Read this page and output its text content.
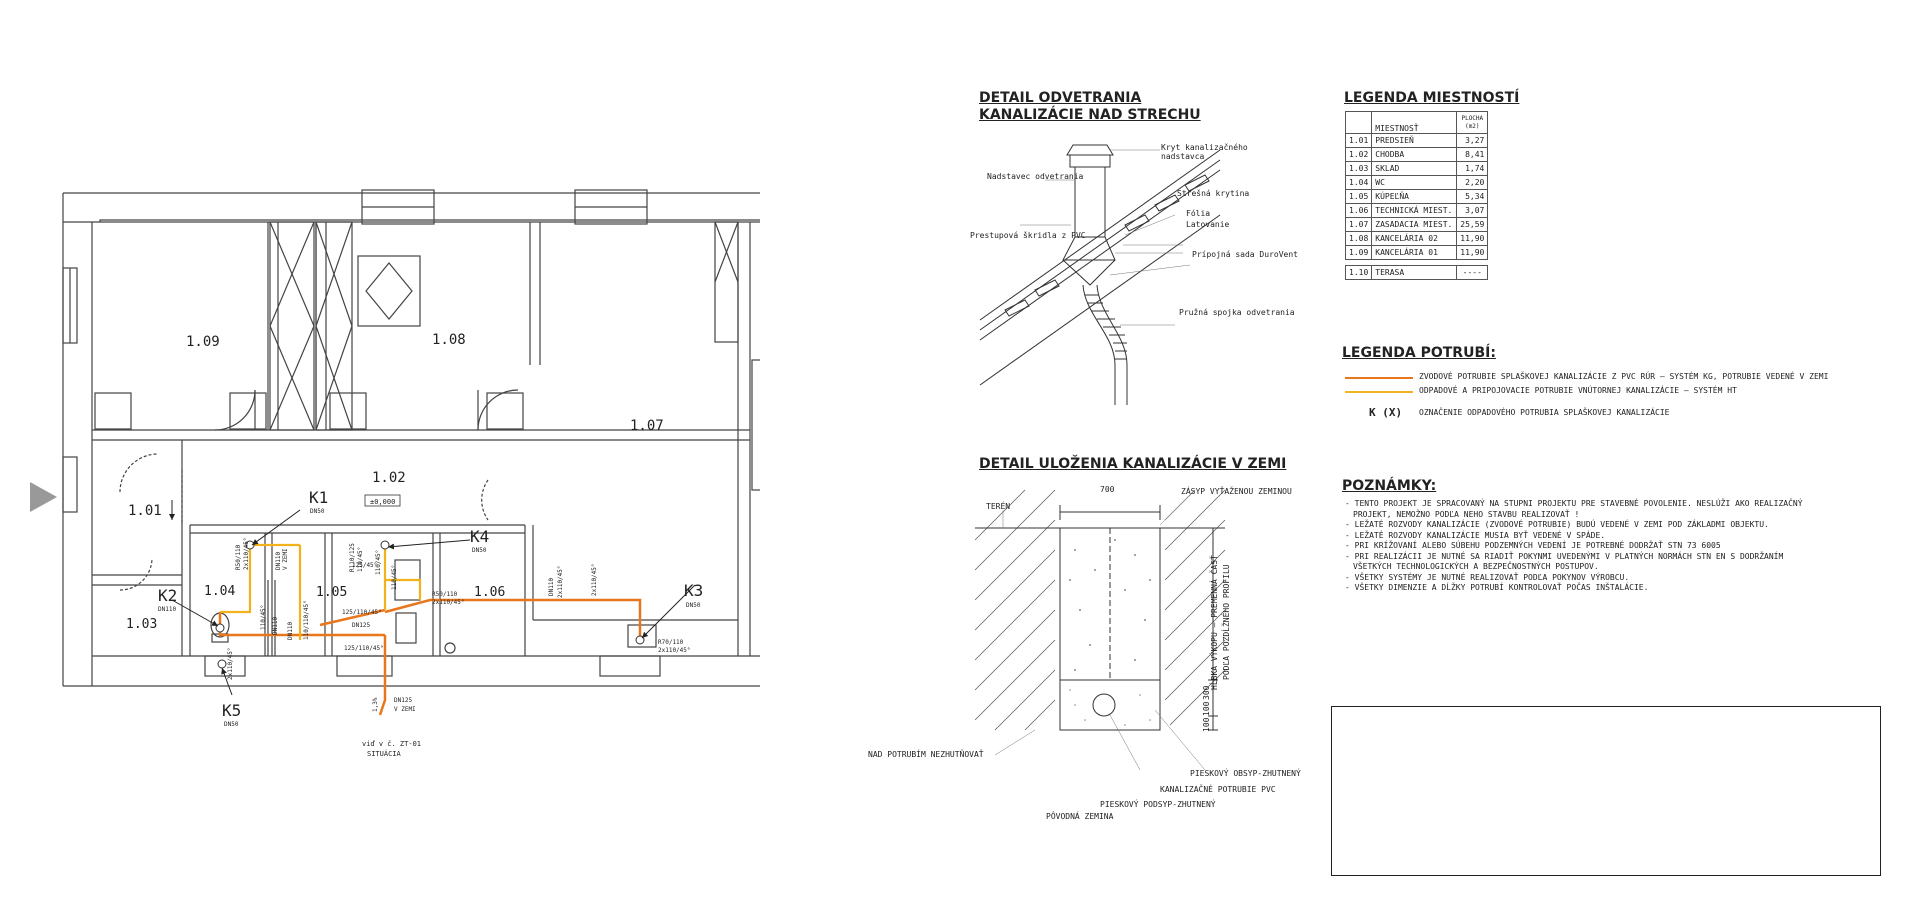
1.09	1.08
1.07
1.02
1.01
1.04	1.05	1.06
1.03
±0,000
K1
DN50
K2
DN110
K3
DN50
K4
DN50
K5
DN50
R50/110 2x110/45°	DN110 V ZEMI	R110/125 110/45°
125/45°
110/45°
R50/110
2x110/45°
125/110/45°
DN125
125/110/45°
DN110
110/45°
DN110 110/110/45°
2x110/45°
110/45°	2x110/45°
DN110
R70/110
2x110/45°
2x110/45°
1,3%	DN125
V ZEMI
viď v č. ZT-01
SITUÁCIA
DETAIL ODVETRANIA
KANALIZÁCIE NAD STRECHU
Kryt kanalizačného
nadstavca
Nadstavec odvetrania
Strešná krytina
Fólia
Latovanie
Prestupová škridla z PVC
Prípojná sada DuroVent
Pružná spojka odvetrania
DETAIL ULOŽENIA KANALIZÁCIE V ZEMI
TERÉN
700	ZÁSYP VYŤAŽENOU ZEMINOU
HĹBKA VÝKOPU – PREMENNÁ ČASŤ PODĽA POZDĹŽNÉHO PROFILU
300
100
100
NAD POTRUBÍM NEZHUTŇOVAŤ
PIESKOVÝ OBSYP-ZHUTNENÝ
KANALIZAČNÉ POTRUBIE PVC
PIESKOVÝ PODSYP-ZHUTNENÝ
PÔVODNÁ ZEMINA
LEGENDA MIESTNOSTÍ
	MIESTNOSŤ	PLOCHA
(m2)

1.01	PREDSIEŇ	3,27
1.02	CHODBA	8,41
1.03	SKLAD	1,74
1.04	WC	2,20
1.05	KÚPEĽŇA	5,34
1.06	TECHNICKÁ MIEST.	3,07
1.07	ZASADACIA MIEST.	25,59
1.08	KANCELÁRIA 02	11,90
1.09	KANCELÁRIA 01	11,90

1.10	TERASA	----
LEGENDA POTRUBÍ:
ZVODOVÉ POTRUBIE SPLAŠKOVEJ KANALIZÁCIE Z PVC RÚR – SYSTÉM KG, POTRUBIE VEDENÉ V ZEMI
ODPADOVÉ A PRIPOJOVACIE POTRUBIE VNÚTORNEJ KANALIZÁCIE – SYSTÉM HT
K (X) OZNAČENIE ODPADOVÉHO POTRUBIA SPLAŠKOVEJ KANALIZÁCIE
POZNÁMKY:
- TENTO PROJEKT JE SPRACOVANÝ NA STUPNI PROJEKTU PRE STAVEBNÉ POVOLENIE. NESLÚŽI AKO REALIZAČNÝ PROJEKT, NEMOŽNO PODĽA NEHO STAVBU REALIZOVAŤ !
- LEŽATÉ ROZVODY KANALIZÁCIE (ZVODOVÉ POTRUBIE) BUDÚ VEDENÉ V ZEMI POD ZÁKLADMI OBJEKTU.
- LEŽATÉ ROZVODY KANALIZÁCIE MUSIA BYŤ VEDENÉ V SPÁDE.
- PRI KRÍŽOVANÍ ALEBO SÚBEHU PODZEMNÝCH VEDENÍ JE POTREBNÉ DODRŽAŤ STN 73 6005
- PRI REALIZÁCII JE NUTNÉ SA RIADIŤ POKYNMI UVEDENÝMI V PLATNÝCH NORMÁCH STN EN S DODRŽANÍM VŠETKÝCH TECHNOLOGICKÝCH A BEZPEČNOSTNÝCH POSTUPOV.
- VŠETKY SYSTÉMY JE NUTNÉ REALIZOVAŤ PODĽA POKYNOV VÝROBCU.
- VŠETKY DIMENZIE A DĹŽKY POTRUBÍ KONTROLOVAŤ POČAS INŠTALÁCIE.
